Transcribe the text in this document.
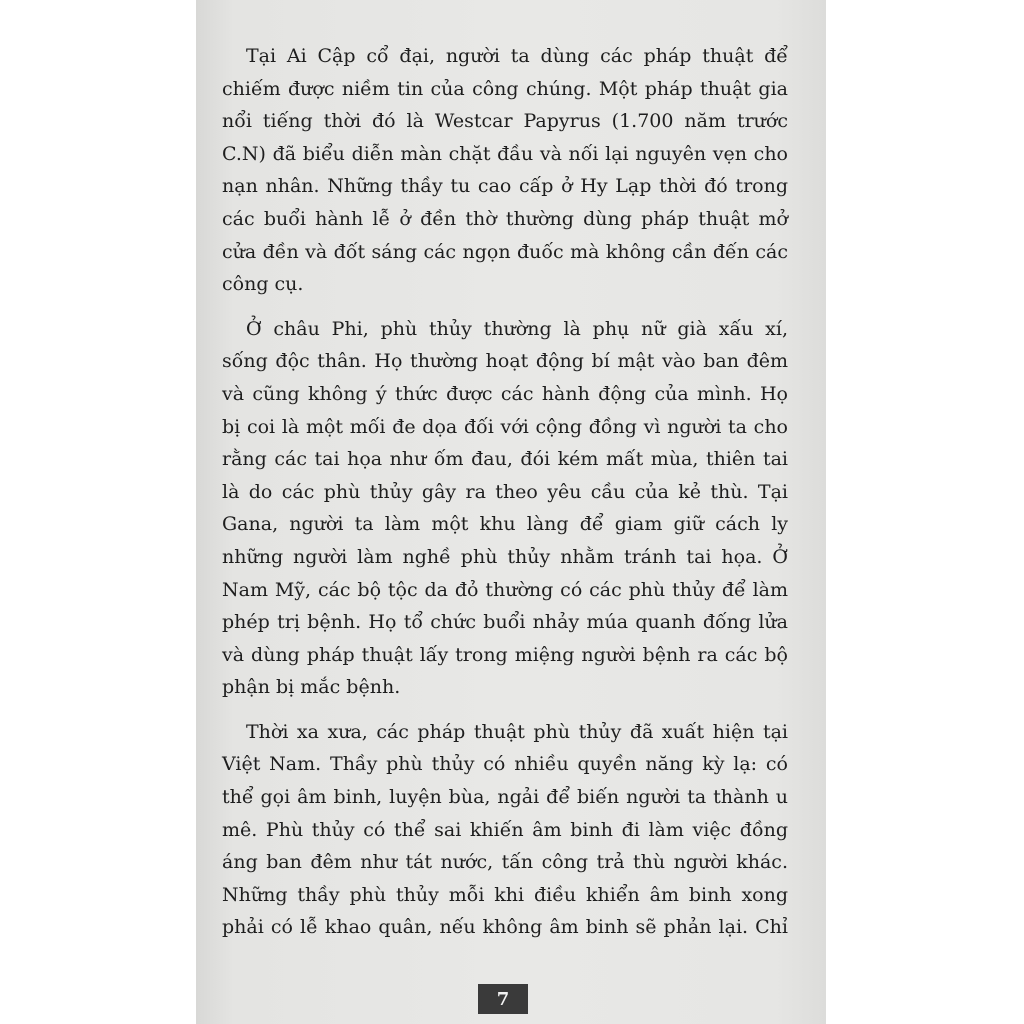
Tại Ai Cập cổ đại, người ta dùng các pháp thuật để
chiếm được niềm tin của công chúng. Một pháp thuật gia
nổi tiếng thời đó là Westcar Papyrus (1.700 năm trước
C.N) đã biểu diễn màn chặt đầu và nối lại nguyên vẹn cho
nạn nhân. Những thầy tu cao cấp ở Hy Lạp thời đó trong
các buổi hành lễ ở đền thờ thường dùng pháp thuật mở
cửa đền và đốt sáng các ngọn đuốc mà không cần đến các
công cụ.

Ở châu Phi, phù thủy thường là phụ nữ già xấu xí,
sống độc thân. Họ thường hoạt động bí mật vào ban đêm
và cũng không ý thức được các hành động của mình. Họ
bị coi là một mối đe dọa đối với cộng đồng vì người ta cho
rằng các tai họa như ốm đau, đói kém mất mùa, thiên tai
là do các phù thủy gây ra theo yêu cầu của kẻ thù. Tại
Gana, người ta làm một khu làng để giam giữ cách ly
những người làm nghề phù thủy nhằm tránh tai họa. Ở
Nam Mỹ, các bộ tộc da đỏ thường có các phù thủy để làm
phép trị bệnh. Họ tổ chức buổi nhảy múa quanh đống lửa
và dùng pháp thuật lấy trong miệng người bệnh ra các bộ
phận bị mắc bệnh.

Thời xa xưa, các pháp thuật phù thủy đã xuất hiện tại
Việt Nam. Thầy phù thủy có nhiều quyền năng kỳ lạ: có
thể gọi âm binh, luyện bùa, ngải để biến người ta thành u
mê. Phù thủy có thể sai khiến âm binh đi làm việc đồng
áng ban đêm như tát nước, tấn công trả thù người khác.
Những thầy phù thủy mỗi khi điều khiển âm binh xong
phải có lễ khao quân, nếu không âm binh sẽ phản lại. Chỉ

7
